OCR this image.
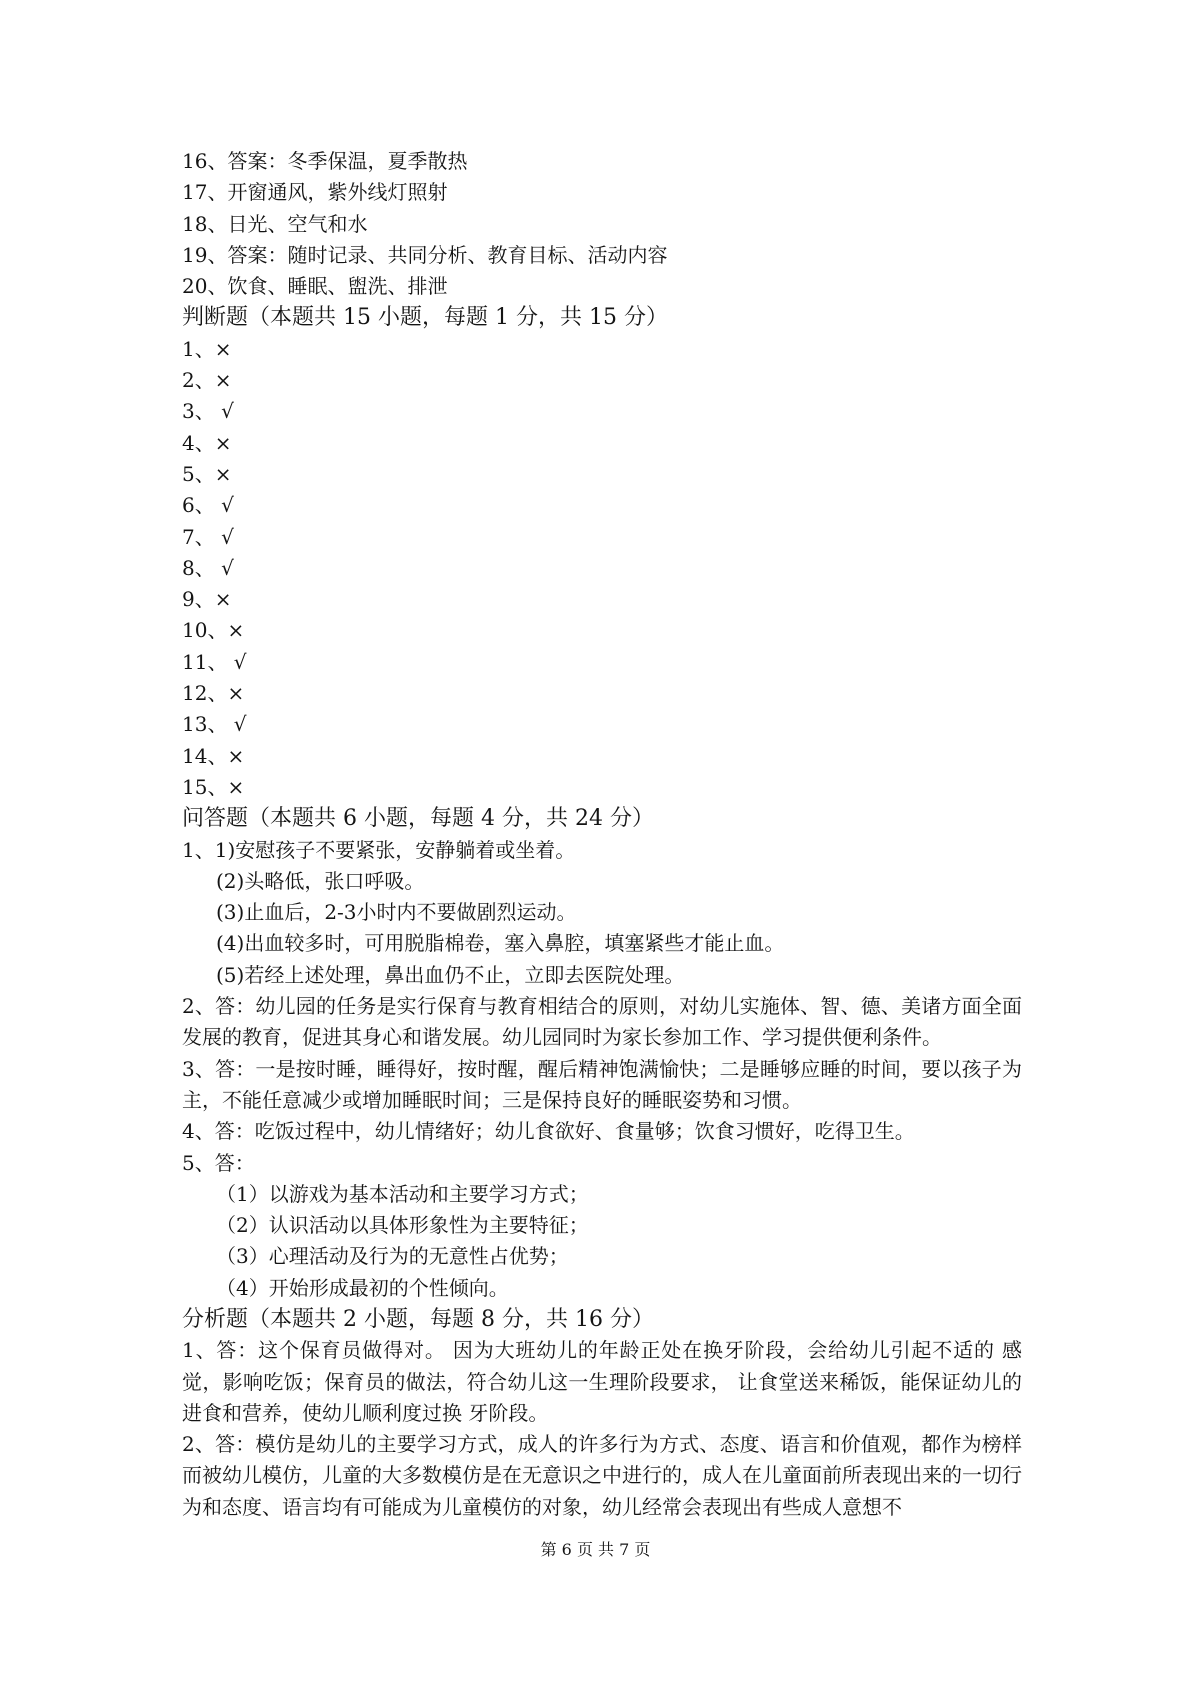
16、答案：冬季保温，夏季散热
17、开窗通风，紫外线灯照射
18、日光、空气和水
19、答案：随时记录、共同分析、教育目标、活动内容
20、饮食、睡眠、盥洗、排泄
判断题（本题共 15 小题，每题 1 分，共 15 分）
1、×
2、×
3、 √
4、×
5、×
6、 √
7、 √
8、 √
9、×
10、×
11、 √
12、×
13、 √
14、×
15、×
问答题（本题共 6 小题，每题 4 分，共 24 分）
1、1)安慰孩子不要紧张，安静躺着或坐着。
(2)头略低，张口呼吸。
(3)止血后，2-3小时内不要做剧烈运动。
(4)出血较多时，可用脱脂棉卷，塞入鼻腔，填塞紧些才能止血。
(5)若经上述处理，鼻出血仍不止，立即去医院处理。
2、答：幼儿园的任务是实行保育与教育相结合的原则，对幼儿实施体、智、德、美诸方面全面发展的教育，促进其身心和谐发展。幼儿园同时为家长参加工作、学习提供便利条件。
3、答：一是按时睡，睡得好，按时醒，醒后精神饱满愉快；二是睡够应睡的时间，要以孩子为主，不能任意减少或增加睡眠时间；三是保持良好的睡眠姿势和习惯。
4、答：吃饭过程中，幼儿情绪好；幼儿食欲好、食量够；饮食习惯好，吃得卫生。
5、答：
（1）以游戏为基本活动和主要学习方式；
（2）认识活动以具体形象性为主要特征；
（3）心理活动及行为的无意性占优势；
（4）开始形成最初的个性倾向。
分析题（本题共 2 小题，每题 8 分，共 16 分）
1、答：这个保育员做得对。 因为大班幼儿的年龄正处在换牙阶段，会给幼儿引起不适的 感觉，影响吃饭；保育员的做法，符合幼儿这一生理阶段要求， 让食堂送来稀饭，能保证幼儿的进食和营养，使幼儿顺利度过换 牙阶段。
2、答：模仿是幼儿的主要学习方式，成人的许多行为方式、态度、语言和价值观，都作为榜样而被幼儿模仿，儿童的大多数模仿是在无意识之中进行的，成人在儿童面前所表现出来的一切行为和态度、语言均有可能成为儿童模仿的对象，幼儿经常会表现出有些成人意想不
第 6 页 共 7 页
